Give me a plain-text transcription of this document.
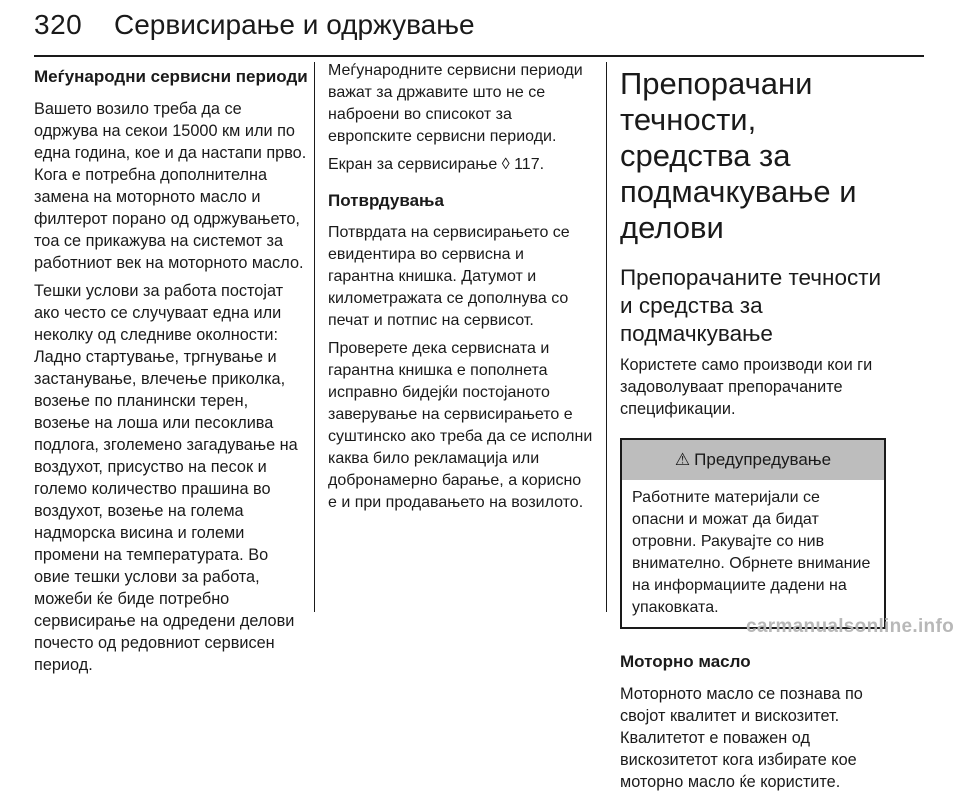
320 Сервисирање и одржување
Меѓународни сервисни периоди

Вашето возило треба да се одржува на секои 15000 км или по една година, кое и да настапи прво. Кога е потребна дополнителна замена на моторното масло и филтерот порано од одржувањето, тоа се прикажува на системот за работниот век на моторното масло.

Тешки услови за работа постојат ако често се случуваат една или неколку од следниве околности: Ладно стартување, тргнување и застанување, влечење приколка, возење по планински терен, возење на лоша или песоклива подлога, зголемено загадување на воздухот, присуство на песок и големо количество прашина во воздухот, возење на голема надморска висина и големи промени на температурата. Во овие тешки услови за работа, можеби ќе биде потребно сервисирање на одредени делови почесто од редовниот сервисен период.

Меѓународните сервисни периоди важат за државите што не се наброени во списокот за европските сервисни периоди.

Екран за сервисирање ◊ 117.

Потврдувања

Потврдата на сервисирањето се евидентира во сервисна и гарантна книшка. Датумот и километражата се дополнува со печат и потпис на сервисот.

Проверете дека сервисната и гарантна книшка е пополнета исправно бидејќи постојаното заверување на сервисирањето е суштинско ако треба да се исполни каква било рекламација или добронамерно барање, а корисно е и при продавањето на возилото.

Препорачани течности, средства за подмачкување и делови
Препорачаните течности и средства за подмачкување

Користете само производи кои ги задоволуваат препорачаните спецификации.

⚠ Предупредување
Работните материјали се опасни и можат да бидат отровни. Ракувајте со нив внимателно. Обрнете внимание на информациите дадени на упаковката.
Моторно масло

Моторното масло се познава по својот квалитет и вискозитет. Квалитетот е поважен од вискозитетот кога избирате кое моторно масло ќе користите.

carmanualsonline.info
